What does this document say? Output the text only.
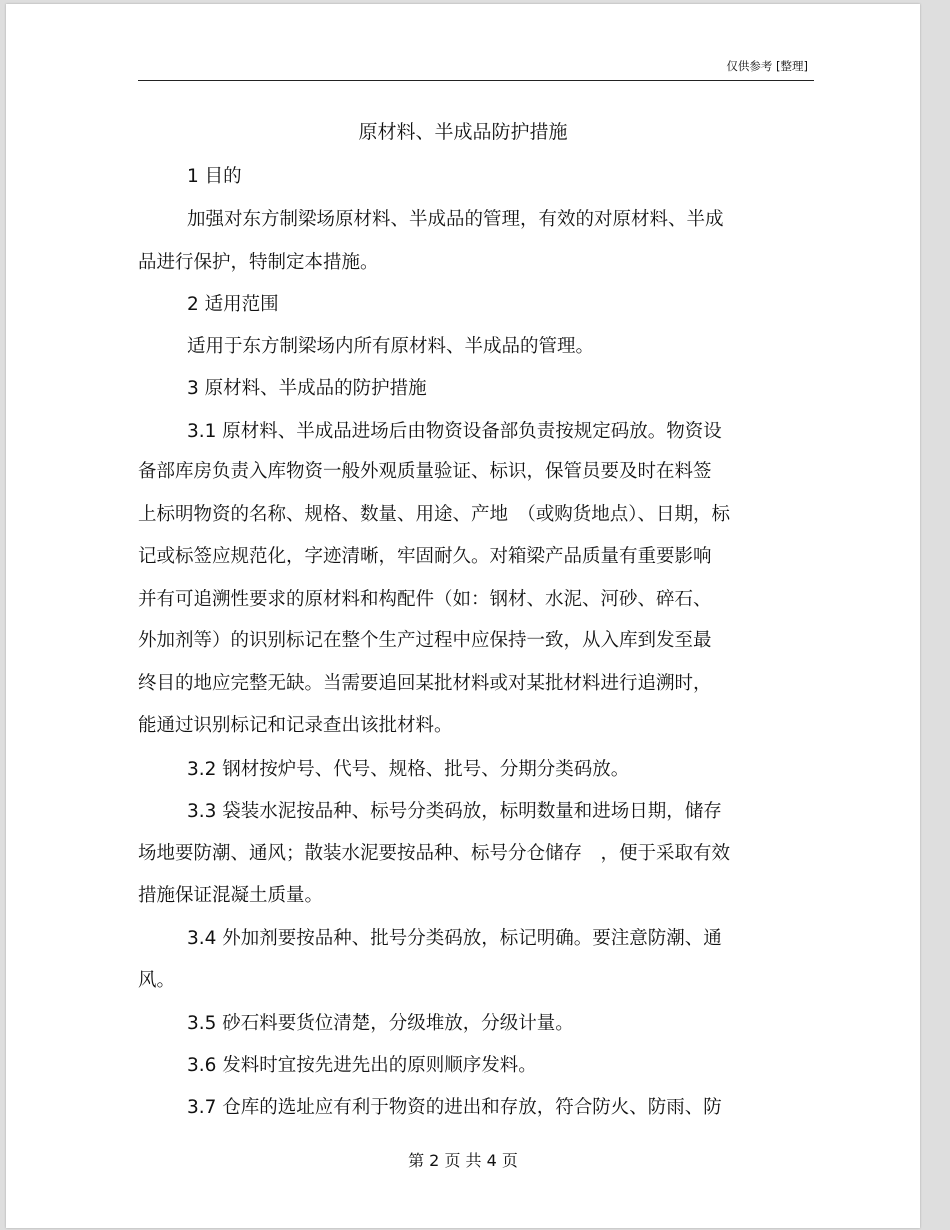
仅供参考 [整理]
原材料、半成品防护措施
1 目的
加强对东方制梁场原材料、半成品的管理，有效的对原材料、半成
品进行保护，特制定本措施。
2 适用范围
适用于东方制梁场内所有原材料、半成品的管理。
3 原材料、半成品的防护措施
3.1 原材料、半成品进场后由物资设备部负责按规定码放。物资设
备部库房负责入库物资一般外观质量验证、标识，保管员要及时在料签
上标明物资的名称、规格、数量、用途、产地　（或购货地点）、日期，标
记或标签应规范化，字迹清晰，牢固耐久。对箱梁产品质量有重要影响
并有可追溯性要求的原材料和构配件（如：钢材、水泥、河砂、碎石、
外加剂等）的识别标记在整个生产过程中应保持一致，从入库到发至最
终目的地应完整无缺。当需要追回某批材料或对某批材料进行追溯时，
能通过识别标记和记录查出该批材料。
3.2 钢材按炉号、代号、规格、批号、分期分类码放。
3.3 袋装水泥按品种、标号分类码放，标明数量和进场日期，储存
场地要防潮、通风；散装水泥要按品种、标号分仓储存　，便于采取有效
措施保证混凝土质量。
3.4 外加剂要按品种、批号分类码放，标记明确。要注意防潮、通
风。
3.5 砂石料要货位清楚，分级堆放，分级计量。
3.6 发料时宜按先进先出的原则顺序发料。
3.7 仓库的选址应有利于物资的进出和存放，符合防火、防雨、防
第 2 页 共 4 页
